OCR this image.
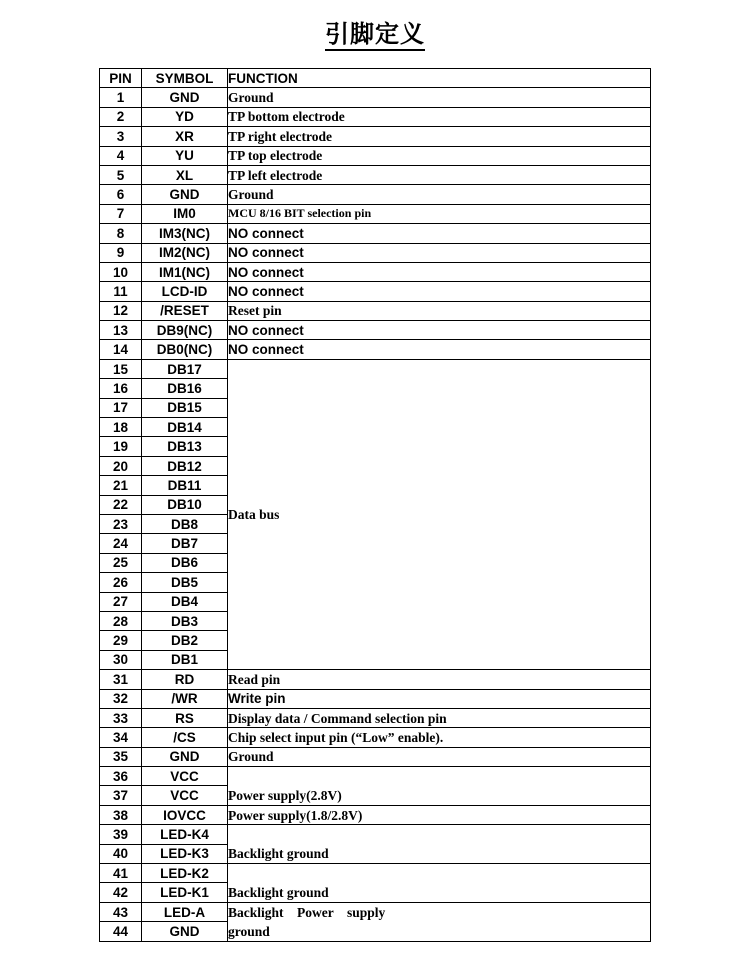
引脚定义
PIN	SYMBOL	FUNCTION
1	GND	Ground
2	YD	TP bottom electrode
3	XR	TP right electrode
4	YU	TP top electrode
5	XL	TP left electrode
6	GND	Ground
7	IM0	MCU 8/16 BIT selection pin
8	IM3(NC)	NO connect
9	IM2(NC)	NO connect
10	IM1(NC)	NO connect
11	LCD-ID	NO connect
12	/RESET	Reset pin
13	DB9(NC)	NO connect
14	DB0(NC)	NO connect
15	DB17	Data bus
16	DB16	
17	DB15	
18	DB14	
19	DB13	
20	DB12	
21	DB11	
22	DB10	
23	DB8	
24	DB7	
25	DB6	
26	DB5	
27	DB4	
28	DB3	
29	DB2	
30	DB1	
31	RD	Read pin
32	/WR	Write pin
33	RS	Display data / Command selection pin
34	/CS	Chip select input pin (“Low” enable).
35	GND	Ground
36	VCC	Power supply(2.8V)
37	VCC	
38	IOVCC	Power supply(1.8/2.8V)
39	LED-K4	Backlight ground
40	LED-K3	
41	LED-K2	Backlight ground
42	LED-K1	
43	LED-A	Backlight    Power    supply ground

44	GND	
